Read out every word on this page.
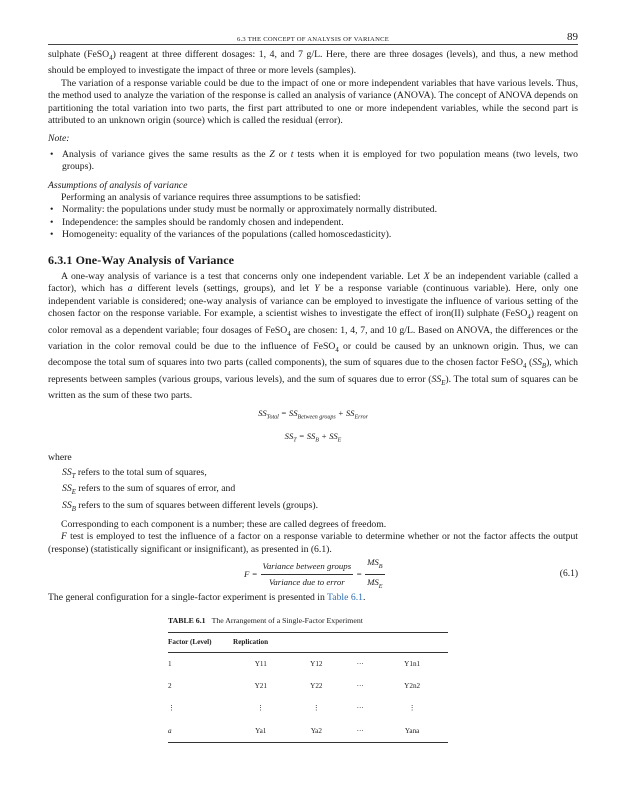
6.3 THE CONCEPT OF ANALYSIS OF VARIANCE	89

sulphate (FeSO$_4$) reagent at three different dosages: 1, 4, and 7 g/L. Here, there are three dosages (levels), and thus, a new method should be employed to investigate the impact of three or more levels (samples).

The variation of a response variable could be due to the impact of one or more independent variables that have various levels. Thus, the method used to analyze the variation of the response is called an analysis of variance (ANOVA). The concept of ANOVA depends on partitioning the total variation into two parts, the first part attributed to one or more independent variables, while the second part is attributed to an unknown origin (source) which is called the residual (error).

Note:
• Analysis of variance gives the same results as the Z or t tests when it is employed for two population means (two levels, two groups).
Assumptions of analysis of variance

Performing an analysis of variance requires three assumptions to be satisfied:

• Normality: the populations under study must be normally or approximately normally distributed.
• Independence: the samples should be randomly chosen and independent.
• Homogeneity: equality of the variances of the populations (called homoscedasticity).
6.3.1 One-Way Analysis of Variance

A one-way analysis of variance is a test that concerns only one independent variable. Let X be an independent variable (called a factor), which has a different levels (settings, groups), and let Y be a response variable (continuous variable). Here, only one independent variable is considered; one-way analysis of variance can be employed to investigate the influence of various setting of the chosen factor on the response variable. For example, a scientist wishes to investigate the effect of iron(II) sulphate (FeSO$_4$) reagent on color removal as a dependent variable; four dosages of FeSO$_4$ are chosen: 1, 4, 7, and 10 g/L. Based on ANOVA, the differences or the variation in the color removal could be due to the influence of FeSO$_4$ or could be caused by an unknown origin. Thus, we can decompose the total sum of squares into two parts (called components), the sum of squares due to the chosen factor FeSO$_4$ $(SS_B)$, which represents between samples (various groups, various levels), and the sum of squares due to error $(SS_E)$. The total sum of squares can be written as the sum of these two parts.

$SS_{Total} = SS_{Between groups} + SS_{Error}$
$SS_T = SS_B + SS_E$

where

$SS_T$ refers to the total sum of squares,
$SS_E$ refers to the sum of squares of error, and
$SS_B$ refers to the sum of squares between different levels (groups).

Corresponding to each component is a number; these are called degrees of freedom.

F test is employed to test the influence of a factor on a response variable to determine whether or not the factor affects the output (response) (statistically significant or insignificant), as presented in (6.1).

$F = \frac{\text{Variance between groups}}{\text{Variance due to error}} = \frac{MS_B}{MS_E}$	(6.1)

The general configuration for a single-factor experiment is presented in Table 6.1.

TABLE 6.1 The Arrangement of a Single-Factor Experiment
Factor (Level)	Replication			
1	Y11	Y12	···	Y1n1
2	Y21	Y22	···	Y2n2
⋮	⋮	⋮	···	⋮
a	Ya1	Ya2	···	Yana
